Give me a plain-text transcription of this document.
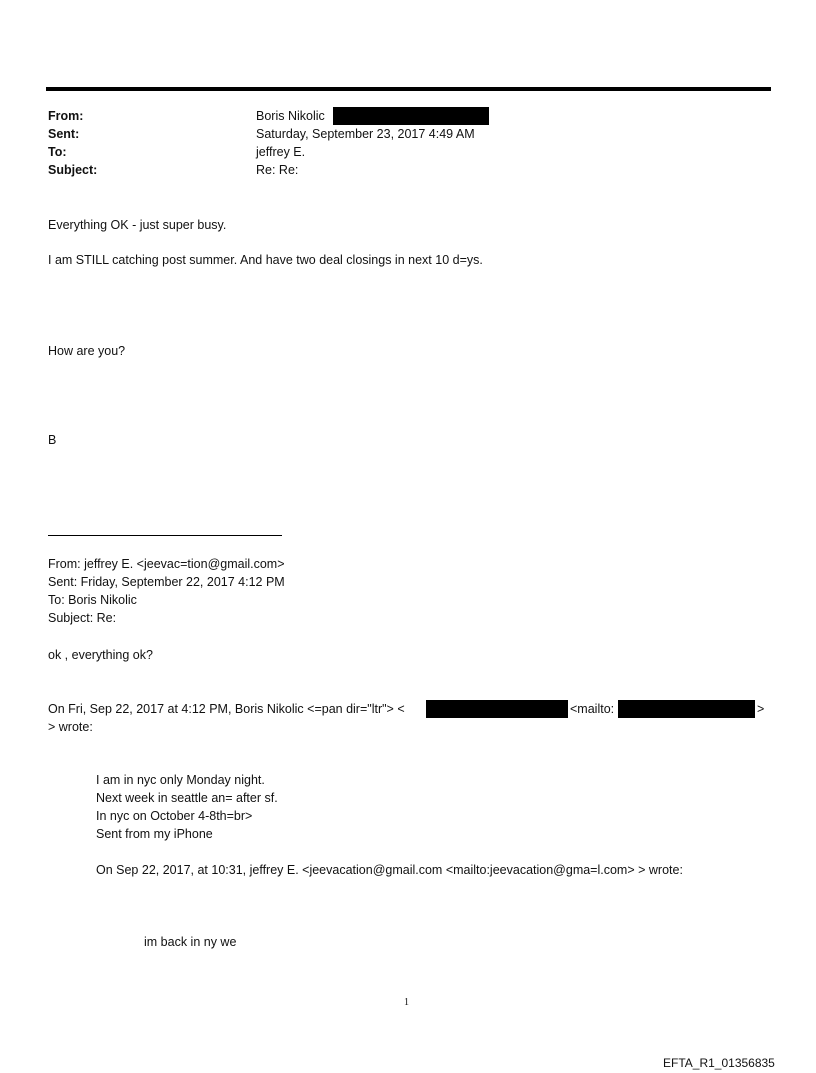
From:
Sent:
To:
Subject:
Boris Nikolic
Saturday, September 23, 2017 4:49 AM
jeffrey E.
Re: Re:
Everything OK - just super busy.
I am STILL catching post summer. And have two deal closings in next 10 d=ys.
How are you?
B
From: jeffrey E. <jeevac=tion@gmail.com>
Sent: Friday, September 22, 2017 4:12 PM
To: Boris Nikolic
Subject: Re:
ok , everything ok?
On Fri, Sep 22, 2017 at 4:12 PM, Boris Nikolic <=pan dir="ltr"> <	<mailto:	>
> wrote:
I am in nyc only Monday night.
Next week in seattle an= after sf.
In nyc on October 4-8th=br>
Sent from my iPhone
On Sep 22, 2017, at 10:31, jeffrey E. <jeevacation@gmail.com <mailto:jeevacation@gma=l.com> > wrote:
im back in ny we
1
EFTA_R1_01356835
